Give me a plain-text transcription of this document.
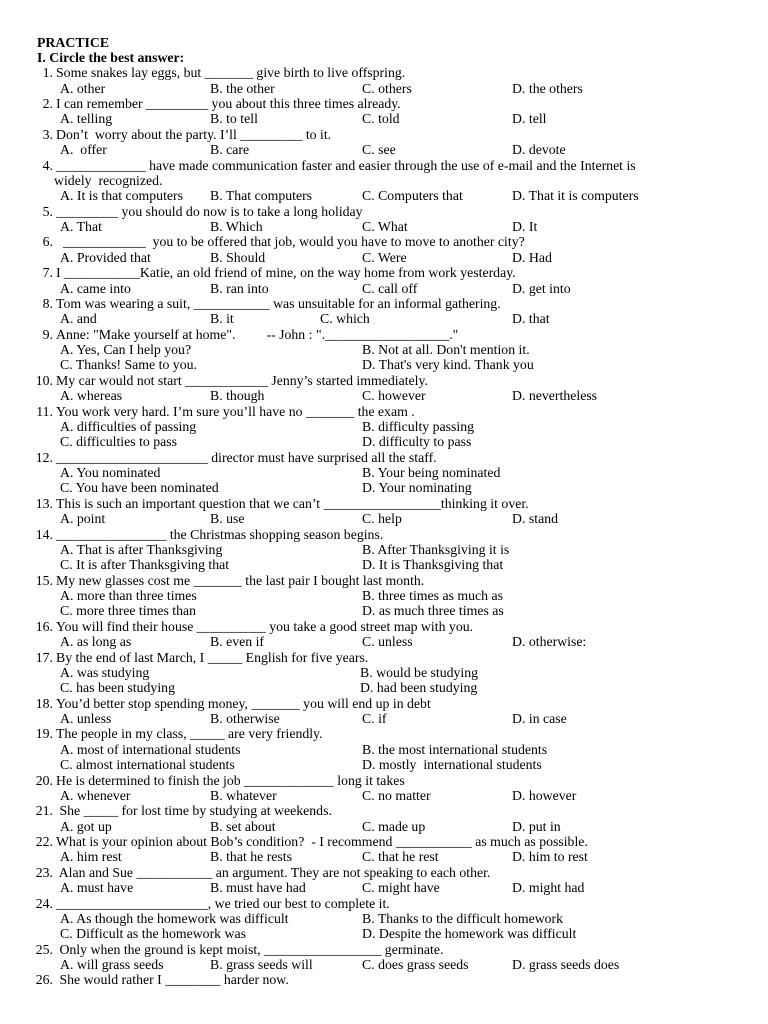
PRACTICE
I. Circle the best answer:
1. Some snakes lay eggs, but _______ give birth to live offspring.
A. other	B. the other	C. others	D. the others
2. I can remember _________ you about this three times already.
A. telling	B. to tell	C. told	D. tell
3. Don’t  worry about the party. I’ll _________ to it.
A.  offer	B. care	C. see	D. devote
4. _____________ have made communication faster and easier through the use of e-mail and the Internet is
widely  recognized.
A. It is that computers B. That computers	C. Computers that	D. That it is computers
5. _________ you should do now is to take a long holiday
A. That	B. Which	C. What	D. It
6. ____________  you to be offered that job, would you have to move to another city?
A. Provided that	B. Should	C. Were	D. Had
7. I ___________Katie, an old friend of mine, on the way home from work yesterday.
A. came into	B. ran into	C. call off	D. get into
8. Tom was wearing a suit, ___________ was unsuitable for an informal gathering.
A. and	B. it	C. which	D. that
9. Anne: "Make yourself at home".         -- John : ".__________________."
A. Yes, Can I help you?	B. Not at all. Don't mention it.
C. Thanks! Same to you.	D. That's very kind. Thank you
10. My car would not start ____________ Jenny’s started immediately.
A. whereas	B. though	C. however	D. nevertheless
11. You work very hard. I’m sure you’ll have no _______ the exam .
A. difficulties of passing	B. difficulty passing
C. difficulties to pass	D. difficulty to pass
12. ______________________ director must have surprised all the staff.
A. You nominated	B. Your being nominated
C. You have been nominated	D. Your nominating
13. This is such an important question that we can’t _________________thinking it over.
A. point	B. use	C. help	D. stand
14. ________________ the Christmas shopping season begins.
A. That is after Thanksgiving	B. After Thanksgiving it is
C. It is after Thanksgiving that	D. It is Thanksgiving that
15. My new glasses cost me _______ the last pair I bought last month.
A. more than three times	B. three times as much as
C. more three times than	D. as much three times as
16. You will find their house __________ you take a good street map with you.
A. as long as	B. even if	C. unless	D. otherwise:
17. By the end of last March, I _____ English for five years.
A. was studying	B. would be studying
C. has been studying	D. had been studying
18. You’d better stop spending money, _______ you will end up in debt
A. unless	B. otherwise	C. if	D. in case
19. The people in my class, _____ are very friendly.
A. most of international students	B. the most international students
C. almost international students	D. mostly  international students
20. He is determined to finish the job _____________ long it takes
A. whenever	B. whatever	C. no matter	D. however
21. She _____ for lost time by studying at weekends.
A. got up	B. set about	C. made up	D. put in
22. What is your opinion about Bob’s condition?  - I recommend ___________ as much as possible.
A. him rest	B. that he rests	C. that he rest	D. him to rest
23. Alan and Sue ___________ an argument. They are not speaking to each other.
A. must have	B. must have had	C. might have	D. might had
24. ______________________, we tried our best to complete it.
A. As though the homework was difficult	B. Thanks to the difficult homework
C. Difficult as the homework was	D. Despite the homework was difficult
25. Only when the ground is kept moist, _________________ germinate.
A. will grass seeds	B. grass seeds will	C. does grass seeds	D. grass seeds does
26. She would rather I ________ harder now.
